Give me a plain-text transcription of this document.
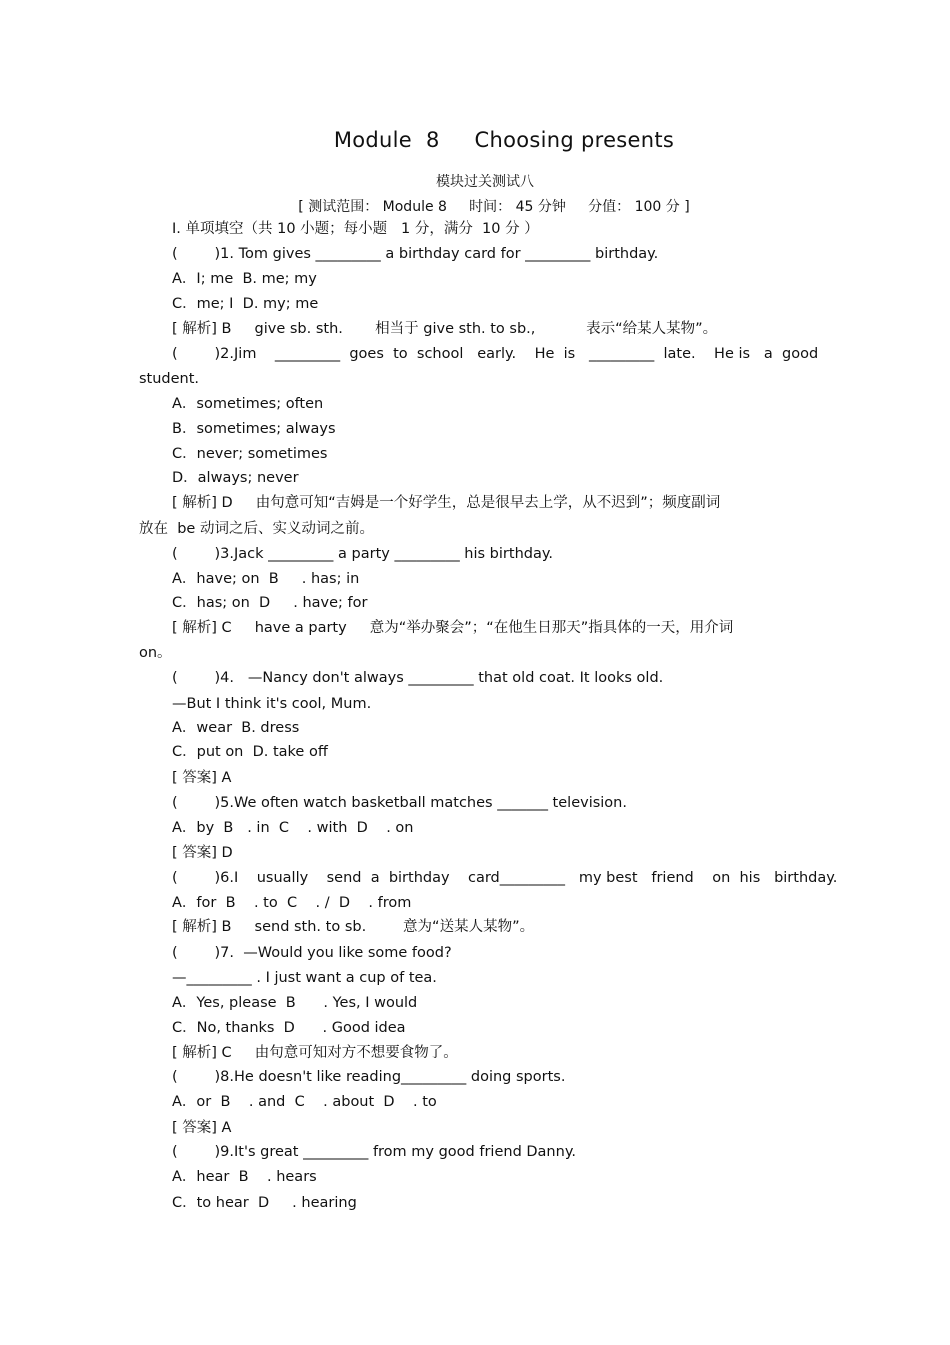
Module  8     Choosing presents
模块过关测试八
[ 测试范围： Module 8     时间： 45 分钟     分值： 100 分 ]
I. 单项填空（共 10 小题；每小题   1 分，满分  10 分 ）
(        )1. Tom gives _________ a birthday card for _________ birthday.
A．I; me  B. me; my
C．me; I  D. my; me
[ 解析] B     give sb. sth.       相当于 give sth. to sb.,           表示“给某人某物”。
(        )2.Jim    _________  goes  to  school   early.    He  is   _________  late.    He is   a  good
student.
A．sometimes; often
B．sometimes; always
C．never; sometimes
D．always; never
[ 解析] D     由句意可知“吉姆是一个好学生，总是很早去上学，从不迟到”；频度副词
放在  be 动词之后、实义动词之前。
(        )3.Jack _________ a party _________ his birthday.
A．have; on  B     . has; in
C．has; on  D     . have; for
[ 解析] C     have a party     意为“举办聚会”；“在他生日那天”指具体的一天，用介词
on。
(        )4.   —Nancy don't always _________ that old coat. It looks old.
—But I think it's cool, Mum.
A．wear  B. dress
C．put on  D. take off
[ 答案] A
(        )5.We often watch basketball matches _______ television.
A．by  B   . in  C    . with  D    . on
[ 答案] D
(        )6.I    usually    send  a  birthday    card_________   my best   friend    on  his   birthday.
A．for  B    . to  C    . /  D    . from
[ 解析] B     send sth. to sb.        意为“送某人某物”。
(        )7.  —Would you like some food?
—_________ . I just want a cup of tea.
A．Yes, please  B      . Yes, I would
C．No, thanks  D      . Good idea
[ 解析] C     由句意可知对方不想要食物了。
(        )8.He doesn't like reading_________ doing sports.
A．or  B    . and  C    . about  D    . to
[ 答案] A
(        )9.It's great _________ from my good friend Danny.
A．hear  B    . hears
C．to hear  D     . hearing
